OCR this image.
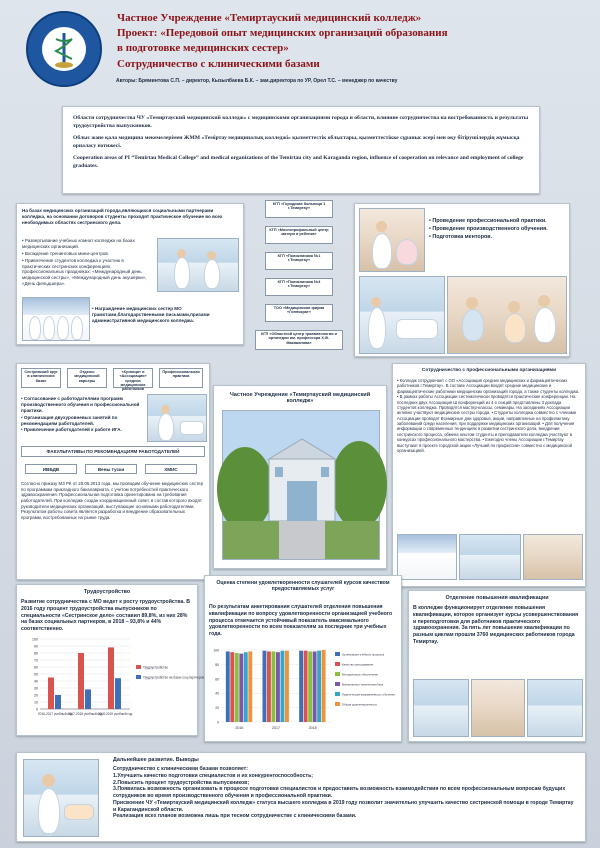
Частное Учреждение «Темиртауский медицинский колледж»
Проект: «Передовой опыт медицинских организаций образования
в подготовке медицинских сестер»
Сотрудничество с клиническими базами
Авторы: Бряминтова С.П. – директор, Кызылбаева Б.К. – зам.директора по УР, Орел Т.С. – менеджер по качеству

Области сотрудничества ЧУ «Темиртауский медицинский колледж» с медицинскими организациями города и области, влияние сотрудничества на востребованность и результаты трудоустройства выпускников.

Облыс және қала медицина мекемелерімен ЖММ «Теміртау медициналық колледжі» қызметтестік облыстары, қызметтестікке сұраныс әсері мен оқу бітірушілердің жұмысқа орналасу нәтижесі.

Cooperation areas of PI “Temirtau Medical College” and medical organizations of the Temirtau city and Karaganda region, influence of cooperation on relevance and employment of college graduates.

На базах медицинских организаций города,являющихся социальными партнерами колледжа, на основании договоров студенты проходят практическое обучение во всех необходимых областях сестринского дела.
• Развертывание учебных комнат колледжа на базах медицинских организаций.
• Вхождение тренинговых мини-центров.
• Привлечение студентов колледжа к участию в практических сестринских конференциях, профессиональных праздниках: «Международный день медицинской сестры», «Международный день акушерки», «День фельдшера».
• Награждение медицинских сестер МО грамотами,благодарственными письмами,призами административной медицинского колледжа.
КГП «Городская больница 1 г.Темиртау»
КГП «Многопрофильный центр матери и ребенка»
КГП «Поликлиника №1 г.Темиртау»
КГП «Поликлиника №4 г.Темиртау»
ТОО «Медицинская фирма «Гиппократ»
КГП «Областной центр травматологии и ортопедии им. профессора Х.Ж. Макажанова»
• Проведение профессиональной практики.
• Проведение производственного обучения.
• Подготовка менторов.
Сестринский круг в клинических базах
Отделы медицинской карьеры
«Кузница» и «Ассоциация» средних медицинских работников
Профессиональная практика
• Согласование с работодателями программ производственного обучения и профессиональной практики.
• Организация двухуровневых занятий по рекомендациям работодателей.
• Привлечение работодателей к работе ИГА.
ФАКУЛЬТАТИВЫ ПО РЕКОМЕНДАЦИЯМ РАБОТОДАТЕЛЕЙ
ИВБДВ	Вены туски	ХМИС
Согласно приказу МЗ РК от 20.05.2013 года, мы проводим обучение медицинских сестер по программам прикладного бакалавриата, с учетом потребностей практического здравоохранения. Профессиональная подготовка ориентирована на требования работодателей. При колледже создан координационный совет, в состав которого входят руководители медицинских организаций, выступающие основными работодателями. Результатом работы совета является разработка и внедрение образовательных программ, востребованных на рынке труда.
Частное Учреждение «Темиртауский медицинский колледж»
Сотрудничество с профессиональными организациями
• Колледж сотрудничает с ОО «Ассоциация средних медицинских и фармацевтических работников г.Темиртау». В составе Ассоциации входят средние медицинские и фармацевтические работники медицинских организаций города, а также студенты колледжа. • В рамках работы Ассоциации систематически проводятся практические конференции. На последних двух Ассоциация Ш конференций из 4-х секций представлены 3 доклада студентов колледжа. Проводятся мастер-классы, семинары. На заседаниях Ассоциации активно участвуют медицинские сестры города. • Студенты колледжа совместно с членами Ассоциации проводят Всемирные дни здоровья, акции, направленные на профилактику заболеваний среди населения, при поддержке медицинских организаций. • Для получения информации о современных тенденциях в развитии сестринского дела, внедрении сестринского процесса, обмена опытом студенты и преподаватели колледжа участвуют в конкурсах профессионального мастерства. • Ежегодно члены Ассоциации г.Темиртау выступают в проекте городской акции «Лучший по профессии» совместно с медицинской организацией.
Трудоустройство
Развитие сотрудничества с МО ведет к росту трудоустройства. В 2016 году процент трудоустройства выпускников по специальности «Сестринское дело» составил 89,8%, из них 28% на базах социальных партнеров, в 2018 – 93,8% и 44% соответственно.
0
10
20
30
40
50
60
70
80
90
100
2016-2017 учебный год
2017-2018 учебный год
2018-2019 учебный год
Трудоустройство
Трудоустройство на базах соц.партнеров
Оценка степени удовлетворенности слушателей курсов качеством предоставляемых услуг
По результатам анкетирования слушателей отделения повышения квалификации по вопросу удовлетворенности организацией учебного процесса отмечается устойчивый показатель максимального удовлетворенности по всем показателям за последние три учебных года.
0
20
40
60
80
100
2016	2017	2018
Организация учебного процесса
Качество преподавания
Методическое обеспечение
Материально-техническая база
Практическая направленность обучения
Общая удовлетворенность
Отделение повышения квалификации
В колледже функционирует отделение повышения квалификации, которое организует курсы усовершенствования и переподготовки для работников практического здравоохранения. За пять лет повышение квалификации по разным циклам прошли 3760 медицинских работников города Темиртау.
Дальнейшее развитие. Выводы
Сотрудничество с клиническими базами позволяет:
1.Улучшить качество подготовки специалистов и их конкурентоспособность;
2.Повысить процент трудоустройства выпускников;
3.Появилась возможность организовать в процессе подготовки специалистов и предоставить возможность взаимодействия по всем профессиональным вопросам будущих сотрудников во время производственного обучения и профессиональной практики.
Присвоение ЧУ «Темиртауский медицинский колледж» статуса высшего колледжа в 2019 году позволит значительно улучшить качество сестринской помощи в городе Темиртау и Карагандинской области.
Реализация всех планов возможна лишь при тесном сотрудничестве с клиническими базами.
